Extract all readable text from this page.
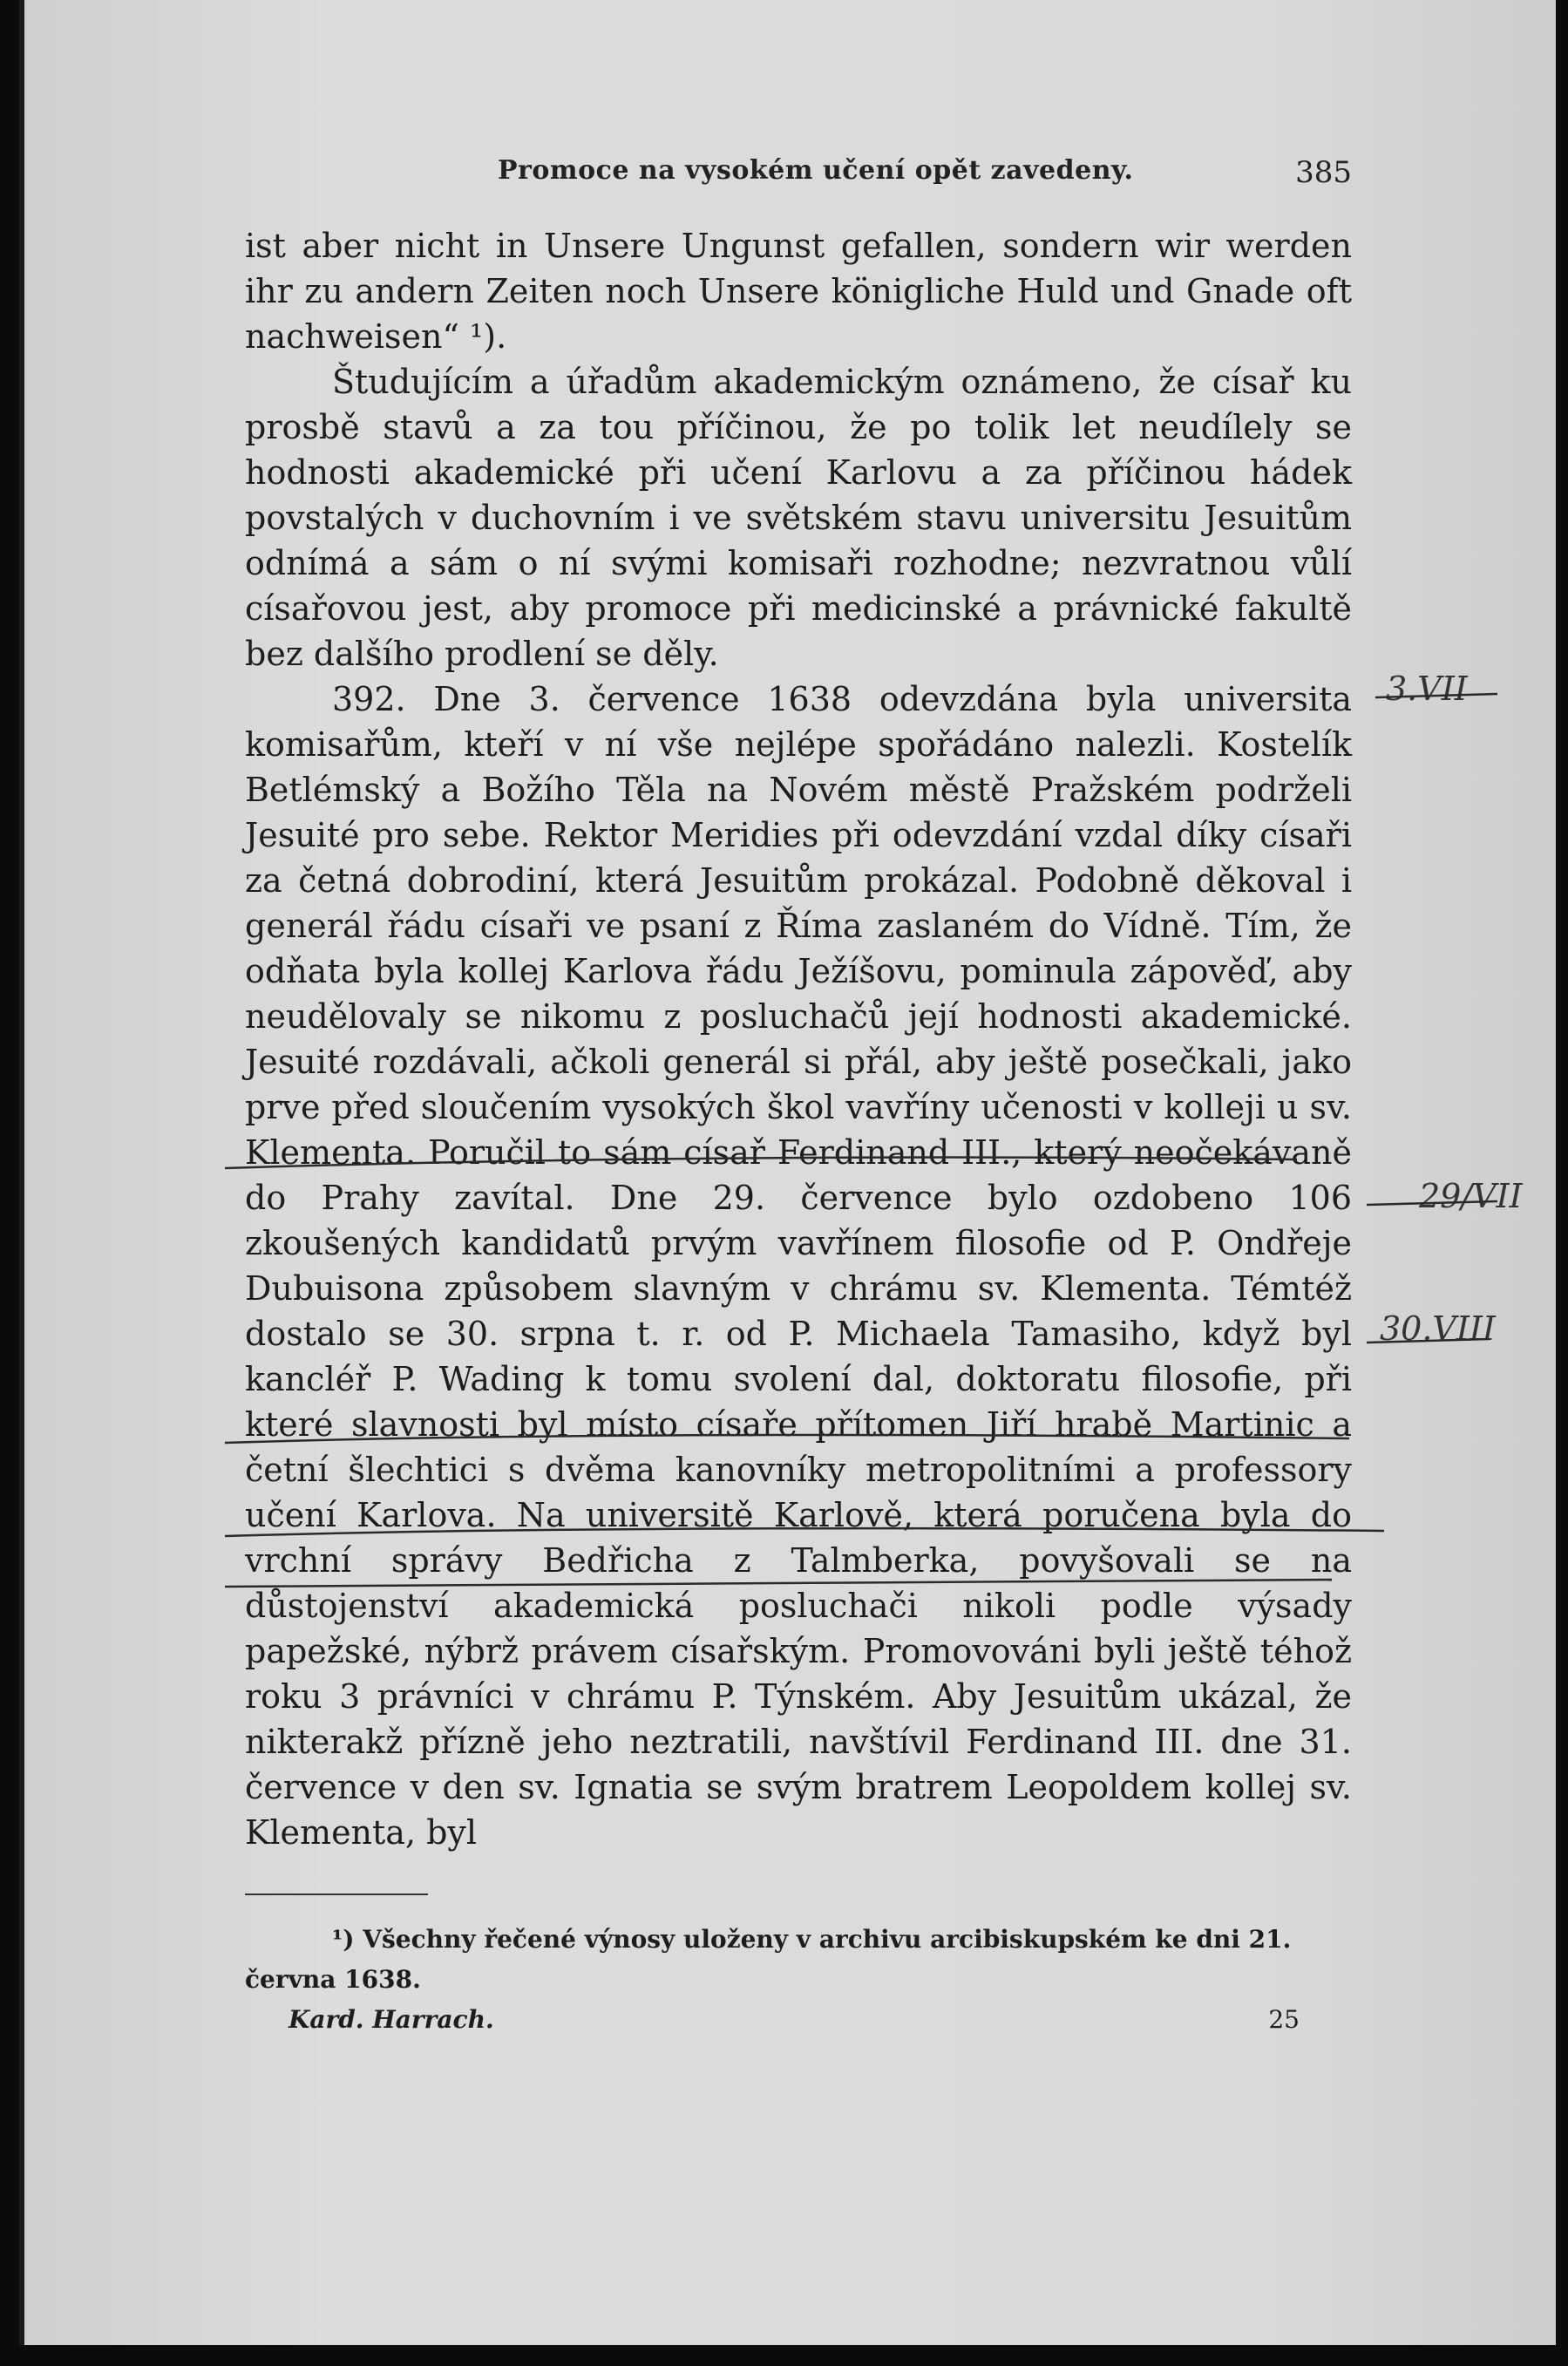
Promoce na vysokém učení opět zavedeny.	385

ist aber nicht in Unsere Ungunst gefallen, sondern wir werden ihr zu andern Zeiten noch Unsere königliche Huld und Gnade oft nachweisen“ ¹).

Študujícím a úřadům akademickým oznámeno, že císař ku prosbě stavů a za tou příčinou, že po tolik let neudílely se hodnosti akademické při učení Karlovu a za příčinou hádek povstalých v duchovním i ve světském stavu universitu Jesuitům odnímá a sám o ní svými komisaři rozhodne; nezvratnou vůlí císařovou jest, aby promoce při medicinské a právnické fakultě bez dalšího prodlení se děly.

392. Dne 3. července 1638 odevzdána byla universita komisařům, kteří v ní vše nejlépe spořádáno nalezli. Kostelík Betlémský a Božího Těla na Novém městě Pražském podrželi Jesuité pro sebe. Rektor Meridies při odevzdání vzdal díky císaři za četná dobrodiní, která Jesuitům prokázal. Podobně děkoval i generál řádu císaři ve psaní z Říma zaslaném do Vídně. Tím, že odňata byla kollej Karlova řádu Ježíšovu, pominula zápověď, aby neudělovaly se nikomu z posluchačů její hodnosti akademické. Jesuité rozdávali, ačkoli generál si přál, aby ještě posečkali, jako prve před sloučením vysokých škol vavříny učenosti v kolleji u sv. Klementa. Poručil to sám císař Ferdinand III., který neočekávaně do Prahy zavítal. Dne 29. července bylo ozdobeno 106 zkoušených kandidatů prvým vavřínem filosofie od P. Ondřeje Dubuisona způsobem slavným v chrámu sv. Klementa. Témtéž dostalo se 30. srpna t. r. od P. Michaela Tamasiho, když byl kancléř P. Wading k tomu svolení dal, doktoratu filosofie, při které slavnosti byl místo císaře přítomen Jiří hrabě Martinic a četní šlechtici s dvěma kanovníky metropolitními a professory učení Karlova. Na universitě Karlově, která poručena byla do vrchní správy Bedřicha z Talmberka, povyšovali se na důstojenství akademická posluchači nikoli podle výsady papežské, nýbrž právem císařským. Promovováni byli ještě téhož roku 3 právníci v chrámu P. Týnském. Aby Jesuitům ukázal, že nikterakž přízně jeho neztratili, navštívil Ferdinand III. dne 31. července v den sv. Ignatia se svým bratrem Leopoldem kollej sv. Klementa, byl

¹) Všechny řečené výnosy uloženy v archivu arcibiskupském ke dni 21. června 1638.

Kard. Harrach.	25
3.VII
29/VII
30.VIII
